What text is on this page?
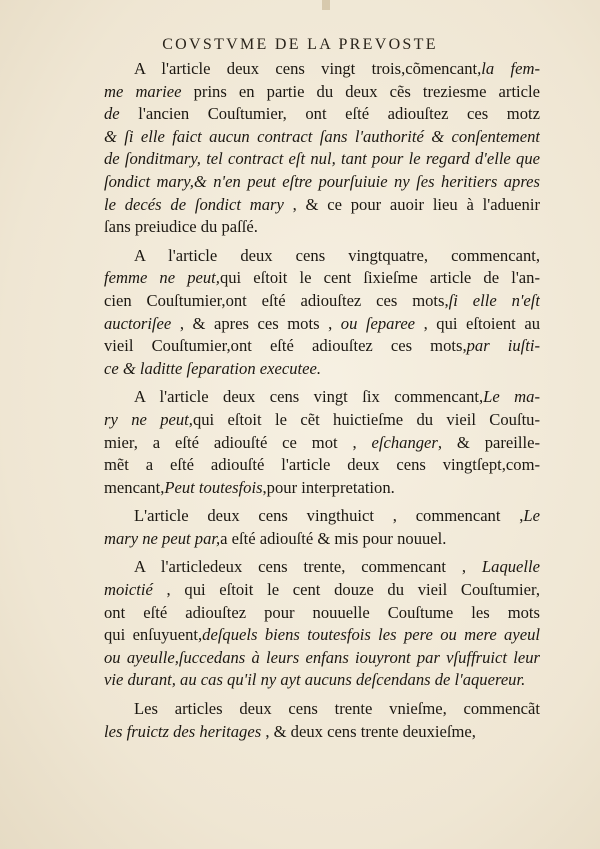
COVSTVME DE LA PREVOSTE
A l'article deux cens vingt trois,cõmencant,la fem-
me mariee prins en partie du deux cẽs treziesme article
de l'ancien Couſtumier, ont eſté adiouſtez ces motz
& ſi elle faict aucun contract ſans l'authorité & conſentement
de ſonditmary, tel contract eſt nul, tant pour le regard d'elle que
ſondict mary,& n'en peut eſtre pourſuiuie ny ſes heritiers apres
le decés de ſondict mary , & ce pour auoir lieu à l'aduenir
ſans preiudice du paſſé.
A l'article deux cens vingtquatre, commencant,
femme ne peut,qui eſtoit le cent ſixieſme article de l'an-
cien Couſtumier,ont eſté adiouſtez ces mots,ſi elle n'eſt
auctoriſee , & apres ces mots , ou ſeparee , qui eſtoient au
vieil Couſtumier,ont eſté adiouſtez ces mots,par iuſti-
ce & laditte ſeparation executee.
A l'article deux cens vingt ſix commencant,Le ma-
ry ne peut,qui eſtoit le cẽt huictieſme du vieil Couſtu-
mier, a eſté adiouſté ce mot , eſchanger, & pareille-
mẽt a eſté adiouſté l'article deux cens vingtſept,com-
mencant,Peut toutesfois,pour interpretation.
L'article deux cens vingthuict , commencant ,Le
mary ne peut par,a eſté adiouſté & mis pour nouuel.
A l'articledeux cens trente, commencant , Laquelle
moictié , qui eſtoit le cent douze du vieil Couſtumier,
ont eſté adiouſtez pour nouuelle Couſtume les mots
qui enſuyuent,deſquels biens toutesfois les pere ou mere ayeul
ou ayeulle,ſuccedans à leurs enfans iouyront par vſuffruict leur
vie durant, au cas qu'il ny ayt aucuns deſcendans de l'aquereur.
Les articles deux cens trente vnieſme, commencãt
les fruictz des heritages , & deux cens trente deuxieſme,
